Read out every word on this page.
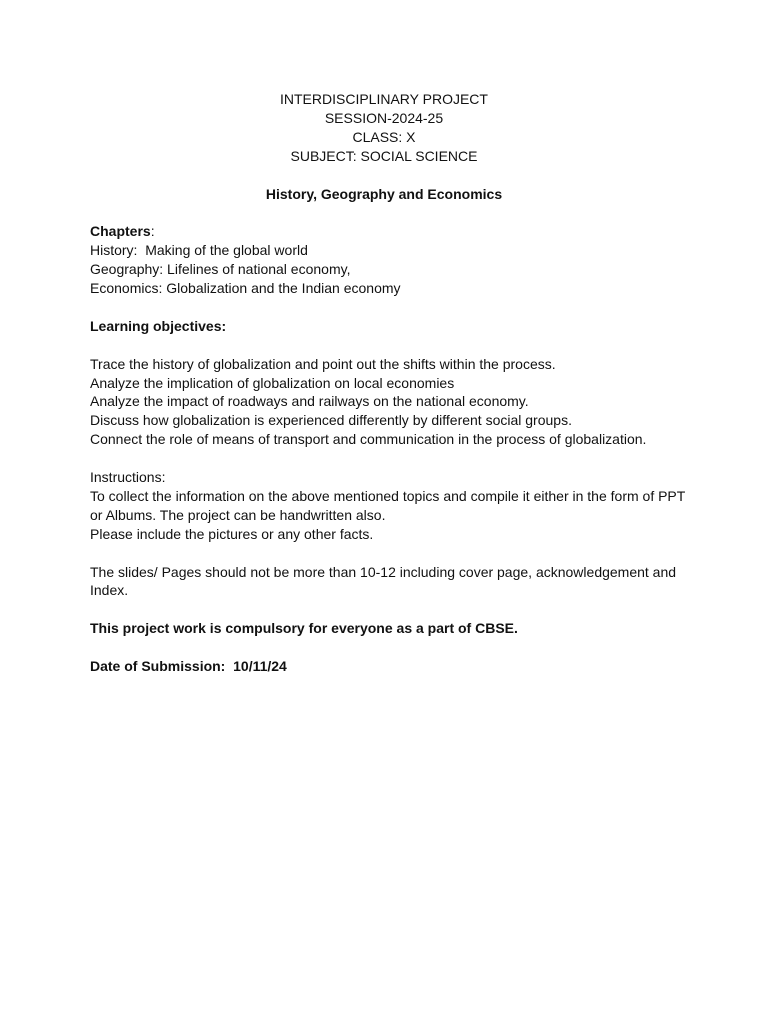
INTERDISCIPLINARY PROJECT
SESSION-2024-25
CLASS: X
SUBJECT: SOCIAL SCIENCE
History, Geography and Economics
Chapters:
History:  Making of the global world
Geography: Lifelines of national economy,
Economics: Globalization and the Indian economy
Learning objectives:
Trace the history of globalization and point out the shifts within the process.
Analyze the implication of globalization on local economies
Analyze the impact of roadways and railways on the national economy.
Discuss how globalization is experienced differently by different social groups.
Connect the role of means of transport and communication in the process of globalization.
Instructions:
To collect the information on the above mentioned topics and compile it either in the form of PPT
or Albums. The project can be handwritten also.
Please include the pictures or any other facts.
The slides/ Pages should not be more than 10-12 including cover page, acknowledgement and
Index.
This project work is compulsory for everyone as a part of CBSE.
Date of Submission:  10/11/24
